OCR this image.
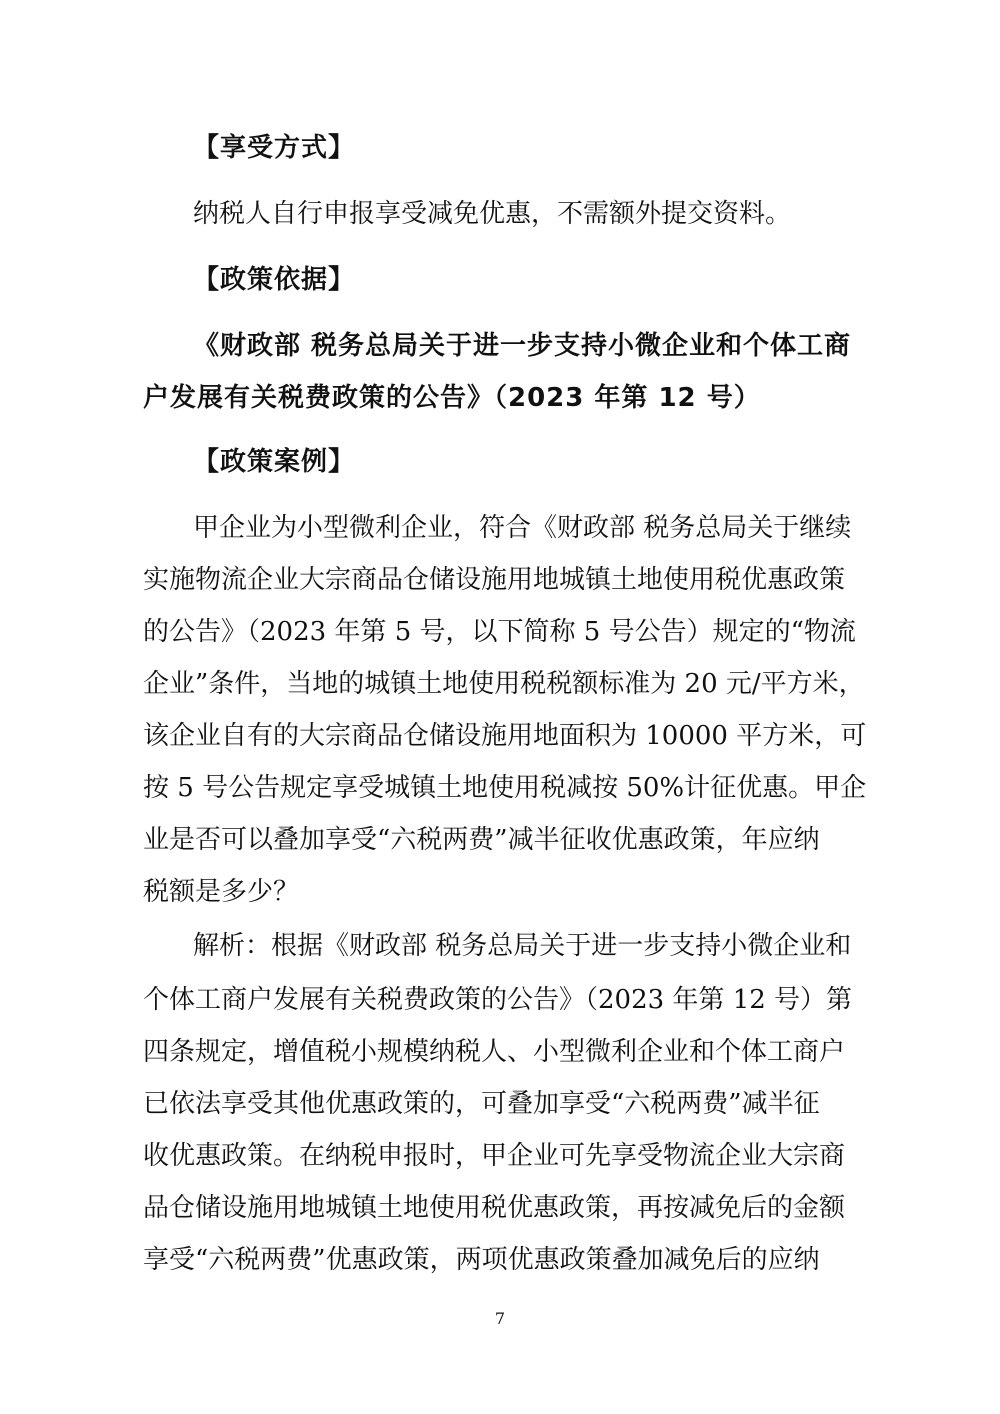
【享受方式】
纳税人自行申报享受减免优惠，不需额外提交资料。
【政策依据】
《财政部 税务总局关于进一步支持小微企业和个体工商
户发展有关税费政策的公告》（2023 年第 12 号）
【政策案例】
甲企业为小型微利企业，符合《财政部 税务总局关于继续
实施物流企业大宗商品仓储设施用地城镇土地使用税优惠政策
的公告》（2023 年第 5 号，以下简称 5 号公告）规定的“物流
企业”条件，当地的城镇土地使用税税额标准为 20 元/平方米，
该企业自有的大宗商品仓储设施用地面积为 10000 平方米，可
按 5 号公告规定享受城镇土地使用税减按 50%计征优惠。甲企
业是否可以叠加享受“六税两费”减半征收优惠政策，年应纳
税额是多少？
解析：根据《财政部 税务总局关于进一步支持小微企业和
个体工商户发展有关税费政策的公告》（2023 年第 12 号）第
四条规定，增值税小规模纳税人、小型微利企业和个体工商户
已依法享受其他优惠政策的，可叠加享受“六税两费”减半征
收优惠政策。在纳税申报时，甲企业可先享受物流企业大宗商
品仓储设施用地城镇土地使用税优惠政策，再按减免后的金额
享受“六税两费”优惠政策，两项优惠政策叠加减免后的应纳
7
